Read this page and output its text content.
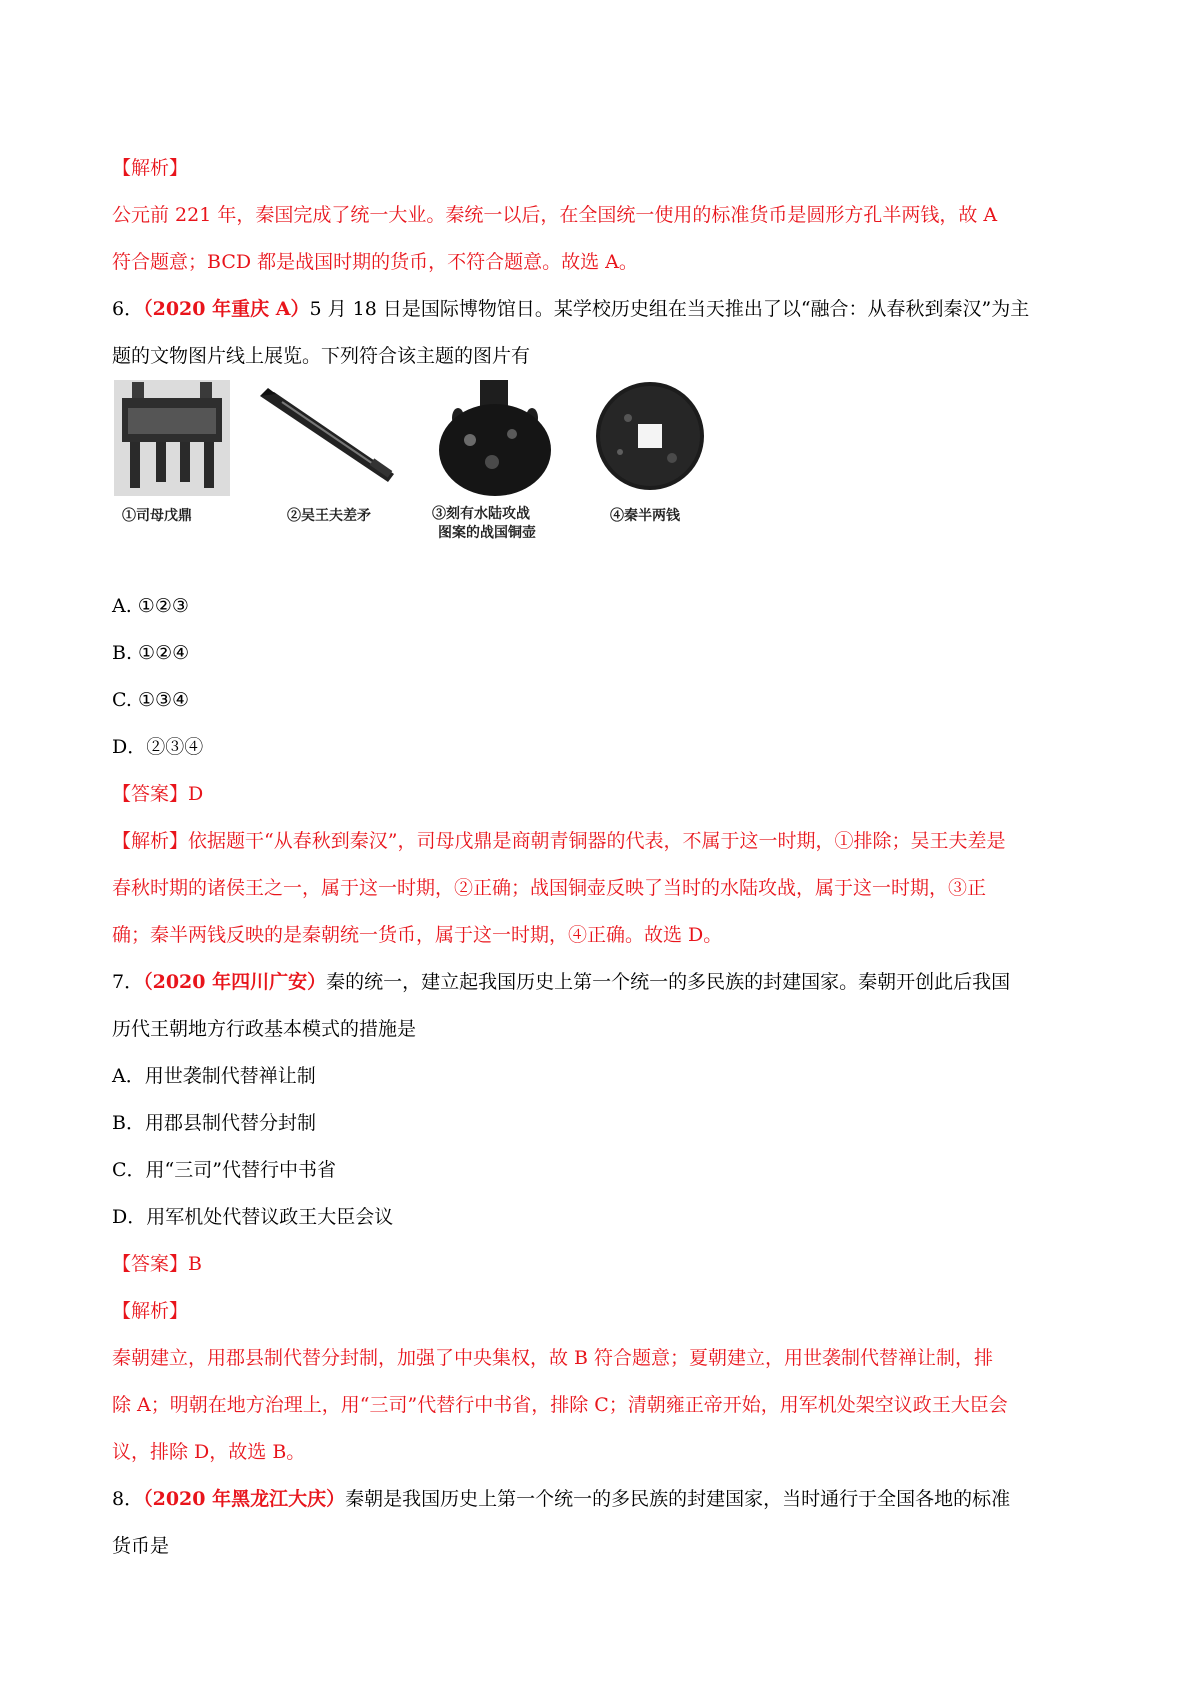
【解析】
公元前 221 年，秦国完成了统一大业。秦统一以后，在全国统一使用的标准货币是圆形方孔半两钱，故 A
符合题意；BCD 都是战国时期的货币，不符合题意。故选 A。
6．（2020 年重庆 A）5 月 18 日是国际博物馆日。某学校历史组在当天推出了以“融合：从春秋到秦汉”为主
题的文物图片线上展览。下列符合该主题的图片有
①司母戊鼎	②吴王夫差矛	③刻有水陆攻战
图案的战国铜壶
④秦半两钱
A. ①②③
B. ①②④
C. ①③④
D．②③④
【答案】D
【解析】依据题干“从春秋到秦汉”，司母戊鼎是商朝青铜器的代表，不属于这一时期，①排除；吴王夫差是
春秋时期的诸侯王之一，属于这一时期，②正确；战国铜壶反映了当时的水陆攻战，属于这一时期，③正
确；秦半两钱反映的是秦朝统一货币，属于这一时期，④正确。故选 D。
7．（2020 年四川广安）秦的统一，建立起我国历史上第一个统一的多民族的封建国家。秦朝开创此后我国
历代王朝地方行政基本模式的措施是
A．用世袭制代替禅让制
B．用郡县制代替分封制
C．用“三司”代替行中书省
D．用军机处代替议政王大臣会议
【答案】B
【解析】
秦朝建立，用郡县制代替分封制，加强了中央集权，故 B 符合题意；夏朝建立，用世袭制代替禅让制，排
除 A；明朝在地方治理上，用“三司”代替行中书省，排除 C；清朝雍正帝开始，用军机处架空议政王大臣会
议，排除 D，故选 B。
8．（2020 年黑龙江大庆）秦朝是我国历史上第一个统一的多民族的封建国家，当时通行于全国各地的标准
货币是
